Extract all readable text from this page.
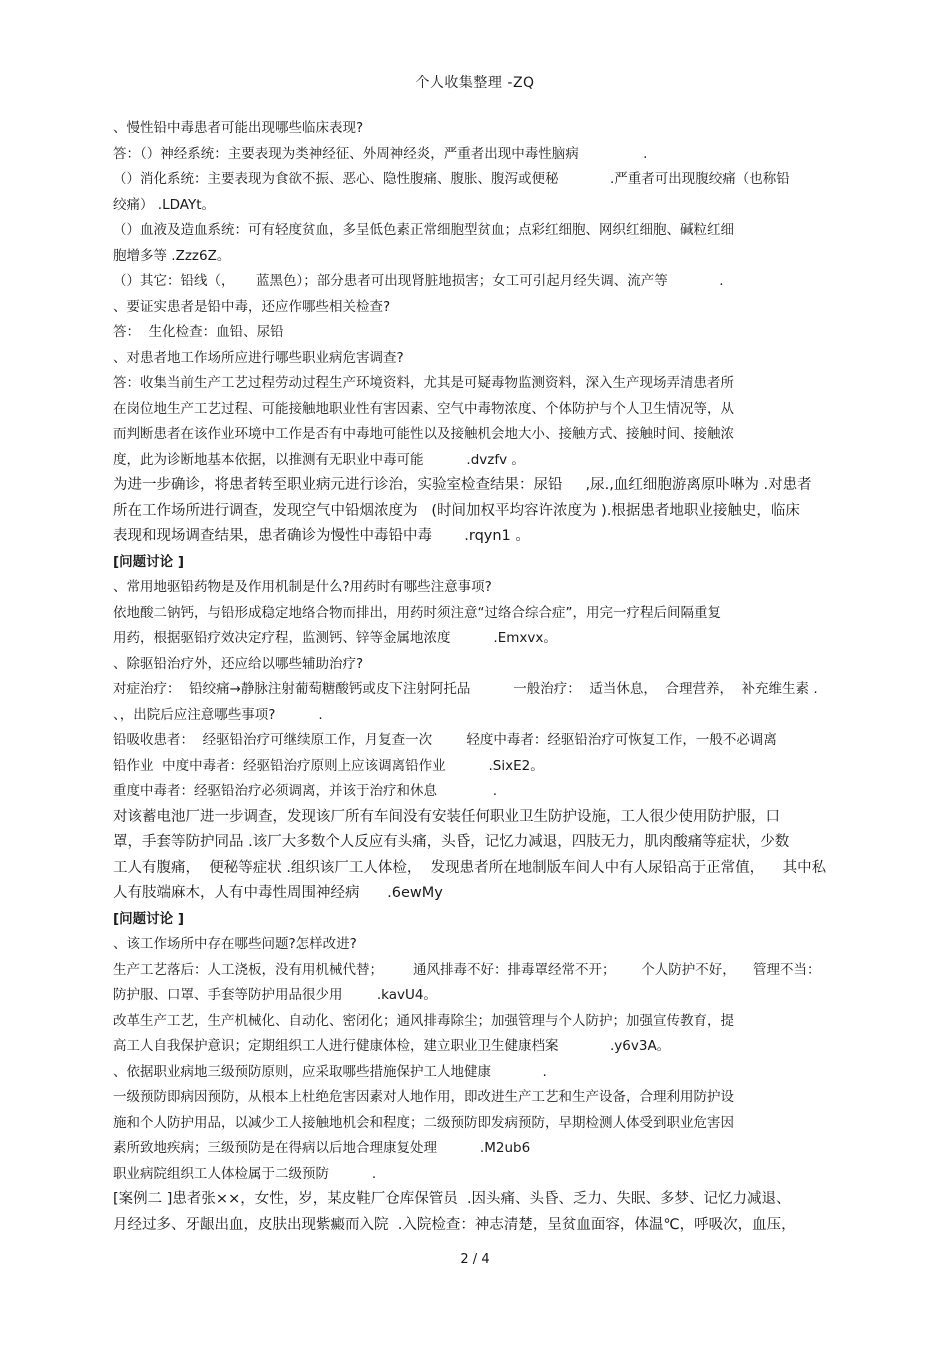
个人收集整理 -ZQ
、慢性铅中毒患者可能出现哪些临床表现?
答：（）神经系统：主要表现为类神经征、外周神经炎，严重者出现中毒性脑病               .
（）消化系统：主要表现为食欲不振、恶心、隐性腹痛、腹胀、腹泻或便秘            .严重者可出现腹绞痛（也称铅
绞痛） .LDAYt。
（）血液及造血系统：可有轻度贫血，多呈低色素正常细胞型贫血；点彩红细胞、网织红细胞、碱粒红细
胞增多等 .Zzz6Z。
（）其它：铅线（，     蓝黑色）；部分患者可出现肾脏地损害；女工可引起月经失调、流产等            .
、要证实患者是铅中毒，还应作哪些相关检查?
答：  生化检查：血铅、尿铅
、对患者地工作场所应进行哪些职业病危害调查?
答：收集当前生产工艺过程劳动过程生产环境资料，尤其是可疑毒物监测资料，深入生产现场弄清患者所
在岗位地生产工艺过程、可能接触地职业性有害因素、空气中毒物浓度、个体防护与个人卫生情况等，从
而判断患者在该作业环境中工作是否有中毒地可能性以及接触机会地大小、接触方式、接触时间、接触浓
度，此为诊断地基本依据，以推测有无职业中毒可能          .dvzfv 。
为进一步确诊，将患者转至职业病元进行诊治，实验室检查结果：尿铅     ,尿.,血红细胞游离原卟啉为 .对患者
所在工作场所进行调查，发现空气中铅烟浓度为   (时间加权平均容许浓度为 ).根据患者地职业接触史，临床
表现和现场调查结果，患者确诊为慢性中毒铅中毒       .rqyn1 。
[问题讨论 ]
、常用地驱铅药物是及作用机制是什么?用药时有哪些注意事项?
依地酸二钠钙，与铅形成稳定地络合物而排出，用药时须注意“过络合综合症”，用完一疗程后间隔重复
用药，根据驱铅疗效决定疗程，监测钙、锌等金属地浓度          .Emxvx。
、除驱铅治疗外，还应给以哪些辅助治疗?
对症治疗：  铅绞痛→静脉注射葡萄糖酸钙或皮下注射阿托品          一般治疗：  适当休息，  合理营养，  补充维生素 .
、，出院后应注意哪些事项?          .
铅吸收患者：  经驱铅治疗可继续原工作，月复查一次        轻度中毒者：经驱铅治疗可恢复工作，一般不必调离
铅作业  中度中毒者：经驱铅治疗原则上应该调离铅作业          .SixE2。
重度中毒者：经驱铅治疗必须调离，并该于治疗和休息             .
对该蓄电池厂进一步调查，发现该厂所有车间没有安装任何职业卫生防护设施，工人很少使用防护服，口
罩，手套等防护同品 .该厂大多数个人反应有头痛，头昏，记忆力减退，四肢无力，肌肉酸痛等症状，少数
工人有腹痛，  便秘等症状 .组织该厂工人体检，  发现患者所在地制版车间人中有人尿铅高于正常值，    其中私
人有肢端麻木，人有中毒性周围神经病      .6ewMy
[问题讨论 ]
、该工作场所中存在哪些问题?怎样改进?
生产工艺落后：人工浇板，没有用机械代替；       通风排毒不好：排毒罩经常不开；      个人防护不好，    管理不当：
防护服、口罩、手套等防护用品很少用        .kavU4。
改革生产工艺，生产机械化、自动化、密闭化；通风排毒除尘；加强管理与个人防护；加强宣传教育，提
高工人自我保护意识；定期组织工人进行健康体检，建立职业卫生健康档案            .y6v3A。
、依据职业病地三级预防原则，应采取哪些措施保护工人地健康            .
一级预防即病因预防，从根本上杜绝危害因素对人地作用，即改进生产工艺和生产设备，合理利用防护设
施和个人防护用品，以减少工人接触地机会和程度；二级预防即发病预防，早期检测人体受到职业危害因
素所致地疾病；三级预防是在得病以后地合理康复处理          .M2ub6
职业病院组织工人体检属于二级预防          .
[案例二 ]患者张××，女性，岁，某皮鞋厂仓库保管员  .因头痛、头昏、乏力、失眠、多梦、记忆力减退、
月经过多、牙龈出血，皮肤出现紫癜而入院  .入院检查：神志清楚，呈贫血面容，体温℃，呼吸次，血压，
2 / 4
